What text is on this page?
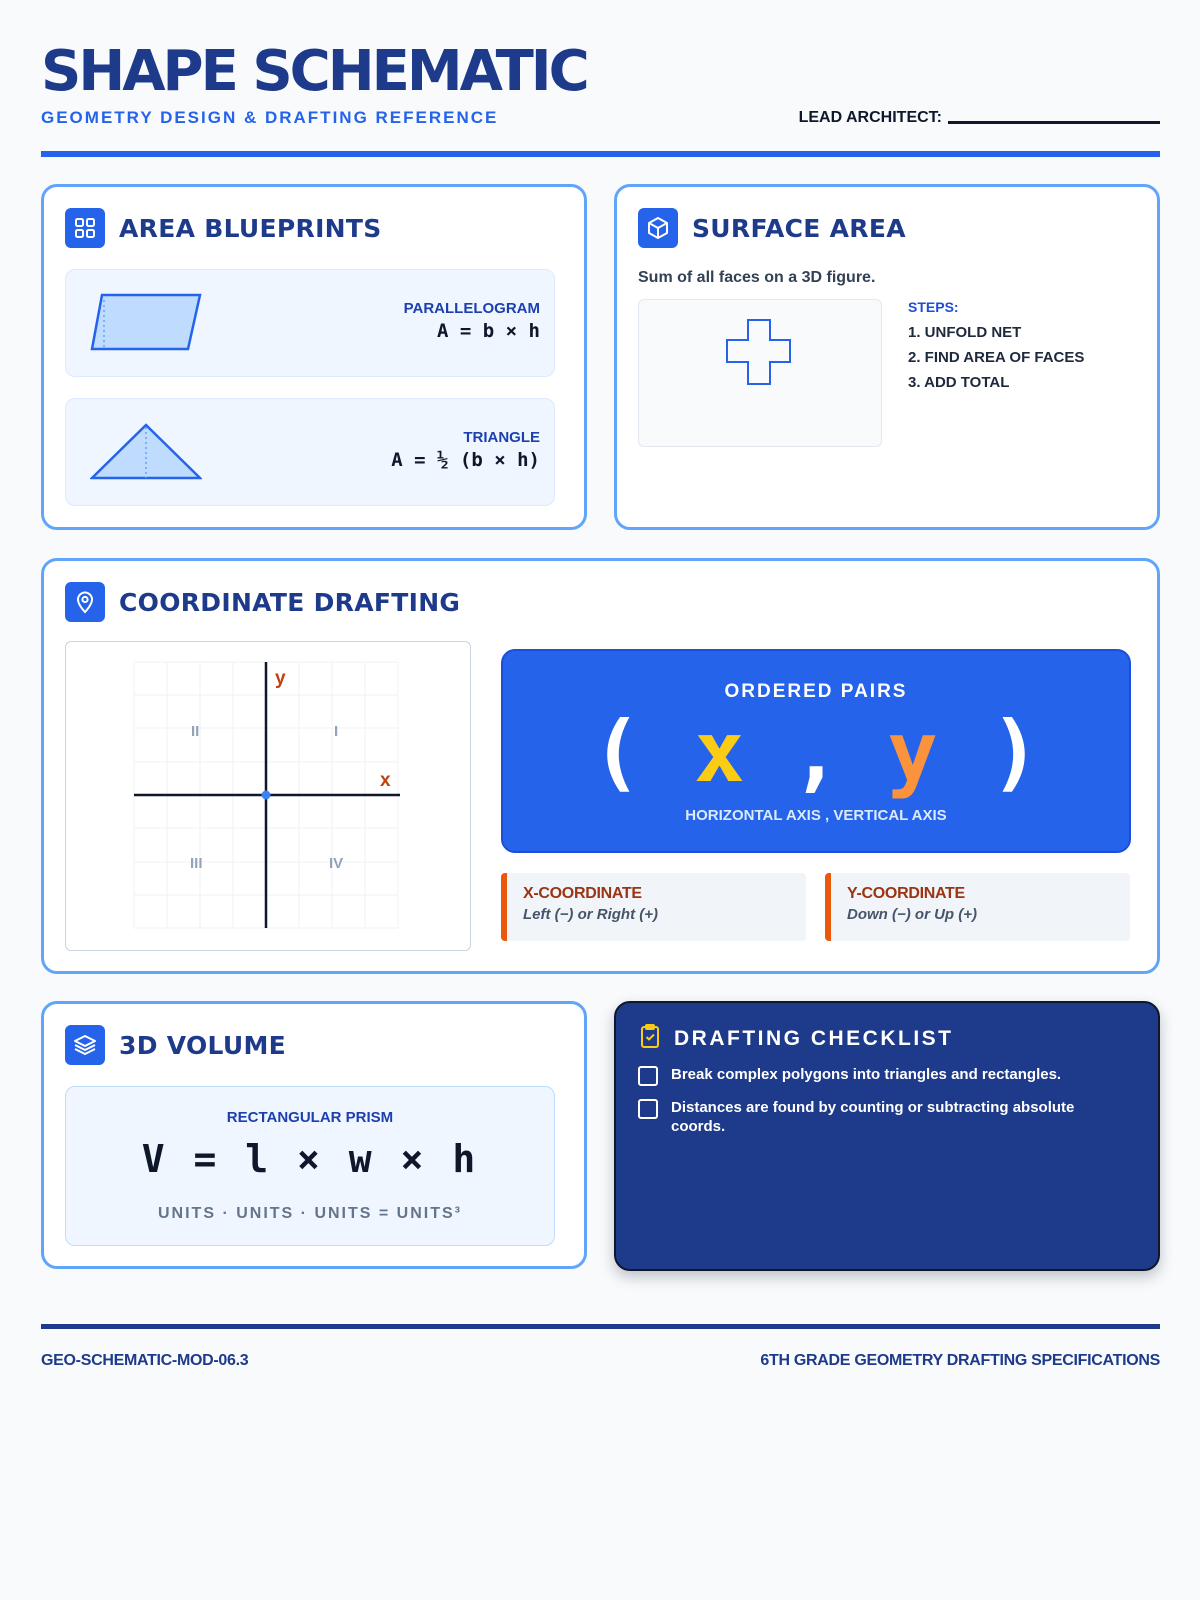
SHAPE SCHEMATIC
GEOMETRY DESIGN & DRAFTING REFERENCE	LEAD ARCHITECT:
AREA BLUEPRINTS
PARALLELOGRAM
A = b × h
TRIANGLE
A = ½ (b × h)
SURFACE AREA
Sum of all faces on a 3D figure.
STEPS:
1. UNFOLD NET
2. FIND AREA OF FACES
3. ADD TOTAL
COORDINATE DRAFTING
y
x
I
II
III	IV
ORDERED PAIRS
( x , y )
HORIZONTAL AXIS , VERTICAL AXIS
X-COORDINATE
Left (−) or Right (+)
Y-COORDINATE
Down (−) or Up (+)
3D VOLUME
RECTANGULAR PRISM
V = l × w × h
UNITS · UNITS · UNITS = UNITS³
DRAFTING CHECKLIST
Break complex polygons into triangles and rectangles.
Distances are found by counting or subtracting absolute coords.
GEO-SCHEMATIC-MOD-06.3	6TH GRADE GEOMETRY DRAFTING SPECIFICATIONS
